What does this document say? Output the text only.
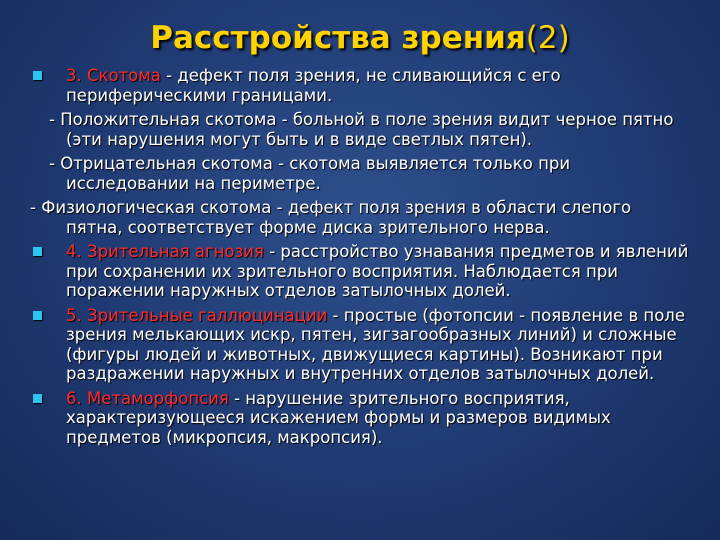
Расстройства зрения(2)
3. Скотома - дефект поля зрения, не сливающийся с его периферическими границами.
- Положительная скотома - больной в поле зрения видит черное пятно (эти нарушения могут быть и в виде светлых пятен).
- Отрицательная скотома - скотома выявляется только при исследовании на периметре.
- Физиологическая скотома - дефект поля зрения в области слепого пятна, соответствует форме диска зрительного нерва.
4. Зрительная агнозия - расстройство узнавания предметов и явлений при сохранении их зрительного восприятия. Наблюдается при поражении наружных отделов затылочных долей.
5. Зрительные галлюцинации - простые (фотопсии - появление в поле зрения мелькающих искр, пятен, зигзагообразных линий) и сложные (фигуры людей и животных, движущиеся картины). Возникают при раздражении наружных и внутренних отделов затылочных долей.
6. Метаморфопсия - нарушение зрительного восприятия, характеризующееся искажением формы и размеров видимых предметов (микропсия, макропсия).
